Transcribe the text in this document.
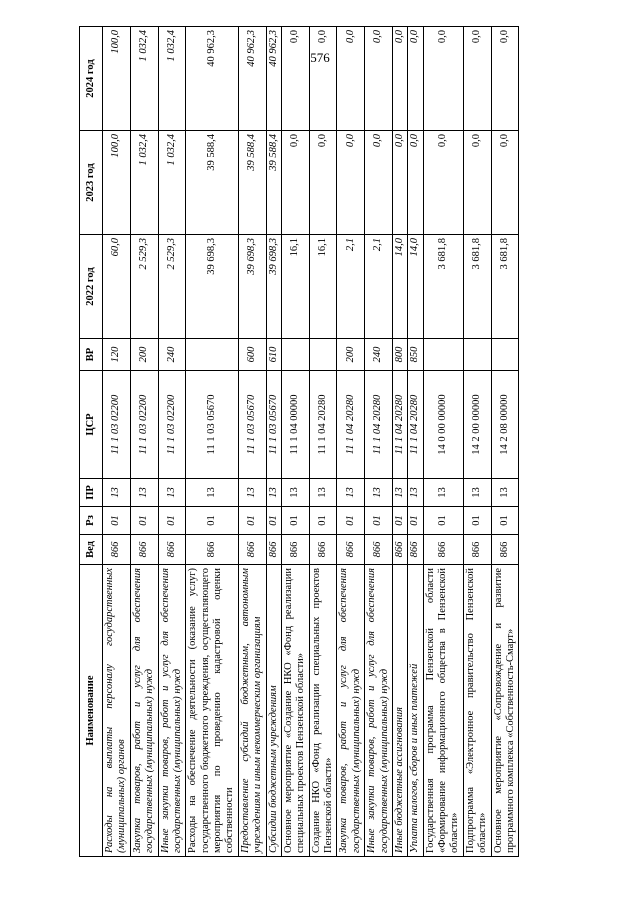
576
Наименование	Вед	Рз	ПР	ЦСР	ВР	2022 год	2023 год	2024 год
Расходы на выплаты персоналу государственных (муниципальных) органов	866	01	13	11 1 03 02200	120	60,0	100,0	100,0
Закупка товаров, работ и услуг для обеспечения государственных (муниципальных) нужд	866	01	13	11 1 03 02200	200	2 529,3	1 032,4	1 032,4
Иные закупки товаров, работ и услуг для обеспечения государственных (муниципальных) нужд	866	01	13	11 1 03 02200	240	2 529,3	1 032,4	1 032,4
Расходы на обеспечение деятельности (оказание услуг) государственного бюджетного учреждения, осуществляющего мероприятия по проведению кадастровой оценки собственности	866	01	13	11 1 03 05670		39 698,3	39 588,4	40 962,3
Предоставление субсидий бюджетным, автономным учреждениям и иным некоммерческим организациям	866	01	13	11 1 03 05670	600	39 698,3	39 588,4	40 962,3
Субсидии бюджетным учреждениям	866	01	13	11 1 03 05670	610	39 698,3	39 588,4	40 962,3
Основное мероприятие «Создание НКО «Фонд реализации специальных проектов Пензенской области»	866	01	13	11 1 04 00000		16,1	0,0	0,0
Создание НКО «Фонд реализации специальных проектов Пензенской области»	866	01	13	11 1 04 20280		16,1	0,0	0,0
Закупка товаров, работ и услуг для обеспечения государственных (муниципальных) нужд	866	01	13	11 1 04 20280	200	2,1	0,0	0,0
Иные закупки товаров, работ и услуг для обеспечения государственных (муниципальных) нужд	866	01	13	11 1 04 20280	240	2,1	0,0	0,0
Иные бюджетные ассигнования	866	01	13	11 1 04 20280	800	14,0	0,0	0,0
Уплата налогов, сборов и иных платежей	866	01	13	11 1 04 20280	850	14,0	0,0	0,0
Государственная программа Пензенской области «Формирование информационного общества в Пензенской области»	866	01	13	14 0 00 00000		3 681,8	0,0	0,0
Подпрограмма «Электронное правительство Пензенской области»	866	01	13	14 2 00 00000		3 681,8	0,0	0,0
Основное мероприятие «Сопровождение и развитие программного комплекса «Собственность-Смарт»	866	01	13	14 2 08 00000		3 681,8	0,0	0,0
